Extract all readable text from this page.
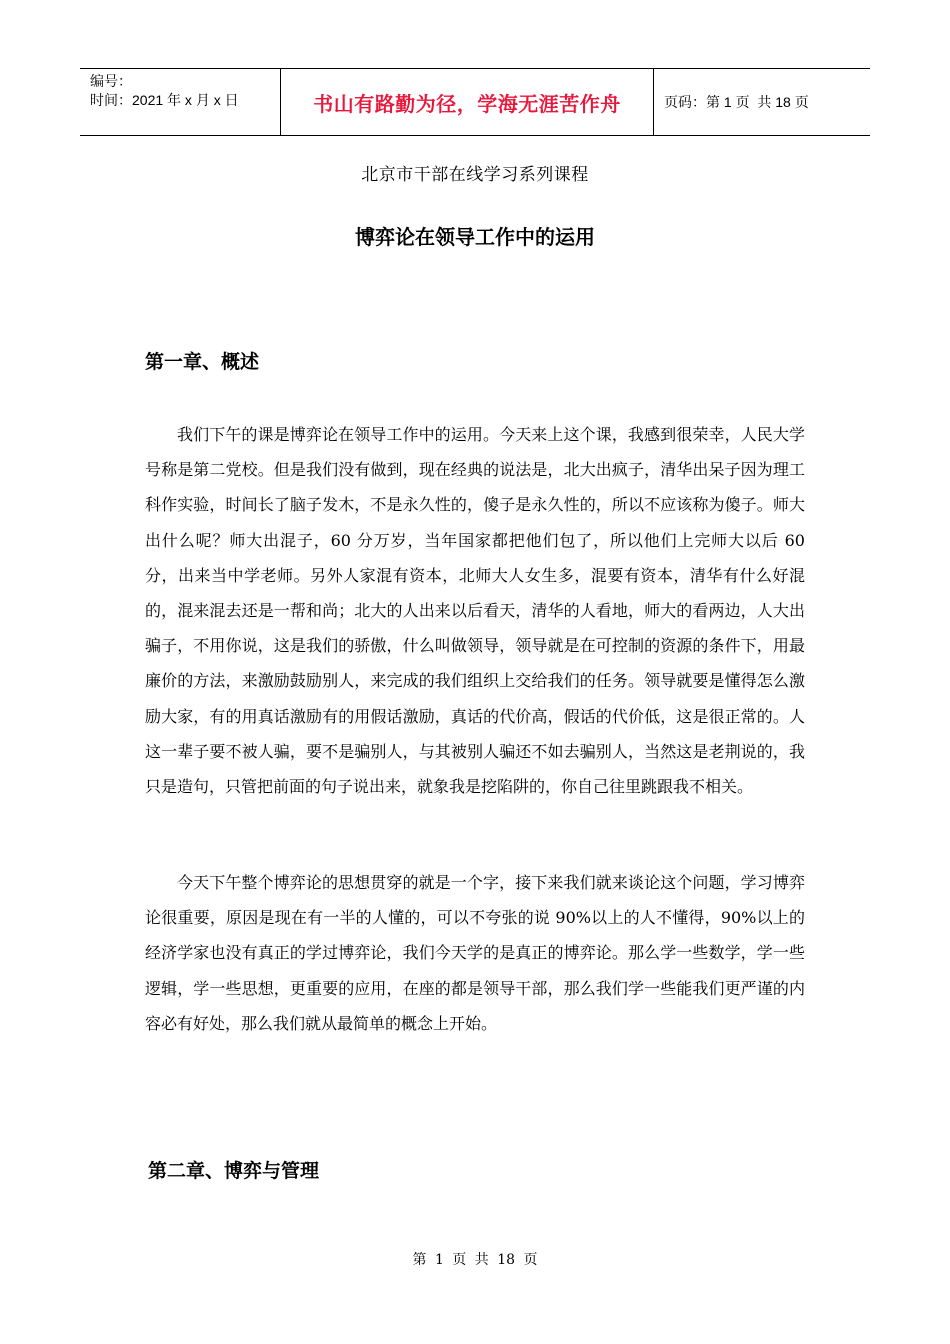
编号：
时间：2021 年 x 月 x 日	书山有路勤为径，学海无涯苦作舟	页码：第 1 页  共 18 页
北京市干部在线学习系列课程
博弈论在领导工作中的运用
第一章、概述

我们下午的课是博弈论在领导工作中的运用。今天来上这个课，我感到很荣幸，人民大学号称是第二党校。但是我们没有做到，现在经典的说法是，北大出疯子，清华出呆子因为理工科作实验，时间长了脑子发木，不是永久性的，傻子是永久性的，所以不应该称为傻子。师大出什么呢？师大出混子，60 分万岁，当年国家都把他们包了，所以他们上完师大以后 60 分，出来当中学老师。另外人家混有资本，北师大人女生多，混要有资本，清华有什么好混的，混来混去还是一帮和尚；北大的人出来以后看天，清华的人看地，师大的看两边，人大出骗子，不用你说，这是我们的骄傲，什么叫做领导，领导就是在可控制的资源的条件下，用最廉价的方法，来激励鼓励别人，来完成的我们组织上交给我们的任务。领导就要是懂得怎么激励大家，有的用真话激励有的用假话激励，真话的代价高，假话的代价低，这是很正常的。人这一辈子要不被人骗，要不是骗别人，与其被别人骗还不如去骗别人，当然这是老荆说的，我只是造句，只管把前面的句子说出来，就象我是挖陷阱的，你自己往里跳跟我不相关。

今天下午整个博弈论的思想贯穿的就是一个字，接下来我们就来谈论这个问题，学习博弈论很重要，原因是现在有一半的人懂的，可以不夸张的说 90%以上的人不懂得，90%以上的经济学家也没有真正的学过博弈论，我们今天学的是真正的博弈论。那么学一些数学，学一些逻辑，学一些思想，更重要的应用，在座的都是领导干部，那么我们学一些能我们更严谨的内容必有好处，那么我们就从最简单的概念上开始。

第二章、博弈与管理
第 1 页 共 18 页
